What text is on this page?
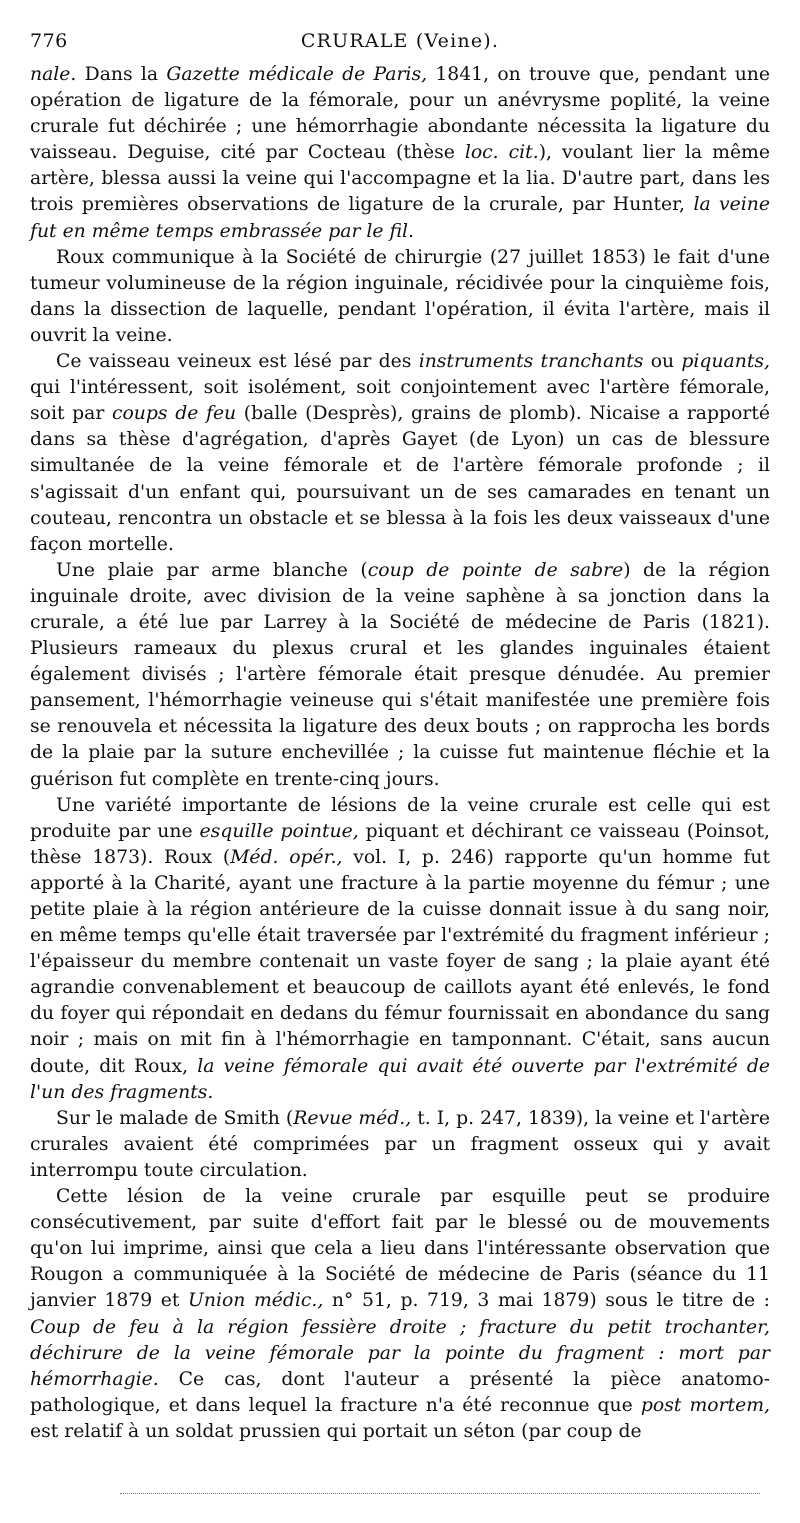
776	CRURALE (Veine).

nale. Dans la Gazette médicale de Paris, 1841, on trouve que, pendant une opération de ligature de la fémorale, pour un anévrysme poplité, la veine crurale fut déchirée ; une hémorrhagie abondante nécessita la ligature du vaisseau. Deguise, cité par Cocteau (thèse loc. cit.), voulant lier la même artère, blessa aussi la veine qui l'accompagne et la lia. D'autre part, dans les trois premières observations de ligature de la crurale, par Hunter, la veine fut en même temps embrassée par le fil.

Roux communique à la Société de chirurgie (27 juillet 1853) le fait d'une tumeur volumineuse de la région inguinale, récidivée pour la cinquième fois, dans la dissection de laquelle, pendant l'opération, il évita l'artère, mais il ouvrit la veine.

Ce vaisseau veineux est lésé par des instruments tranchants ou piquants, qui l'intéressent, soit isolément, soit conjointement avec l'artère fémorale, soit par coups de feu (balle (Desprès), grains de plomb). Nicaise a rapporté dans sa thèse d'agrégation, d'après Gayet (de Lyon) un cas de blessure simultanée de la veine fémorale et de l'artère fémorale profonde ; il s'agissait d'un enfant qui, poursuivant un de ses camarades en tenant un couteau, rencontra un obstacle et se blessa à la fois les deux vaisseaux d'une façon mortelle.

Une plaie par arme blanche (coup de pointe de sabre) de la région inguinale droite, avec division de la veine saphène à sa jonction dans la crurale, a été lue par Larrey à la Société de médecine de Paris (1821). Plusieurs rameaux du plexus crural et les glandes inguinales étaient également divisés ; l'artère fémorale était presque dénudée. Au premier pansement, l'hémorrhagie veineuse qui s'était manifestée une première fois se renouvela et nécessita la ligature des deux bouts ; on rapprocha les bords de la plaie par la suture enchevillée ; la cuisse fut maintenue fléchie et la guérison fut complète en trente-cinq jours.

Une variété importante de lésions de la veine crurale est celle qui est produite par une esquille pointue, piquant et déchirant ce vaisseau (Poinsot, thèse 1873). Roux (Méd. opér., vol. I, p. 246) rapporte qu'un homme fut apporté à la Charité, ayant une fracture à la partie moyenne du fémur ; une petite plaie à la région antérieure de la cuisse donnait issue à du sang noir, en même temps qu'elle était traversée par l'extrémité du fragment inférieur ; l'épaisseur du membre contenait un vaste foyer de sang ; la plaie ayant été agrandie convenablement et beaucoup de caillots ayant été enlevés, le fond du foyer qui répondait en dedans du fémur fournissait en abondance du sang noir ; mais on mit fin à l'hémorrhagie en tamponnant. C'était, sans aucun doute, dit Roux, la veine fémorale qui avait été ouverte par l'extrémité de l'un des fragments.

Sur le malade de Smith (Revue méd., t. I, p. 247, 1839), la veine et l'artère crurales avaient été comprimées par un fragment osseux qui y avait interrompu toute circulation.

Cette lésion de la veine crurale par esquille peut se produire consécutivement, par suite d'effort fait par le blessé ou de mouvements qu'on lui imprime, ainsi que cela a lieu dans l'intéressante observation que Rougon a communiquée à la Société de médecine de Paris (séance du 11 janvier 1879 et Union médic., n° 51, p. 719, 3 mai 1879) sous le titre de : Coup de feu à la région fessière droite ; fracture du petit trochanter, déchirure de la veine fémorale par la pointe du fragment : mort par hémorrhagie. Ce cas, dont l'auteur a présenté la pièce anatomo-pathologique, et dans lequel la fracture n'a été reconnue que post mortem, est relatif à un soldat prussien qui portait un séton (par coup de
